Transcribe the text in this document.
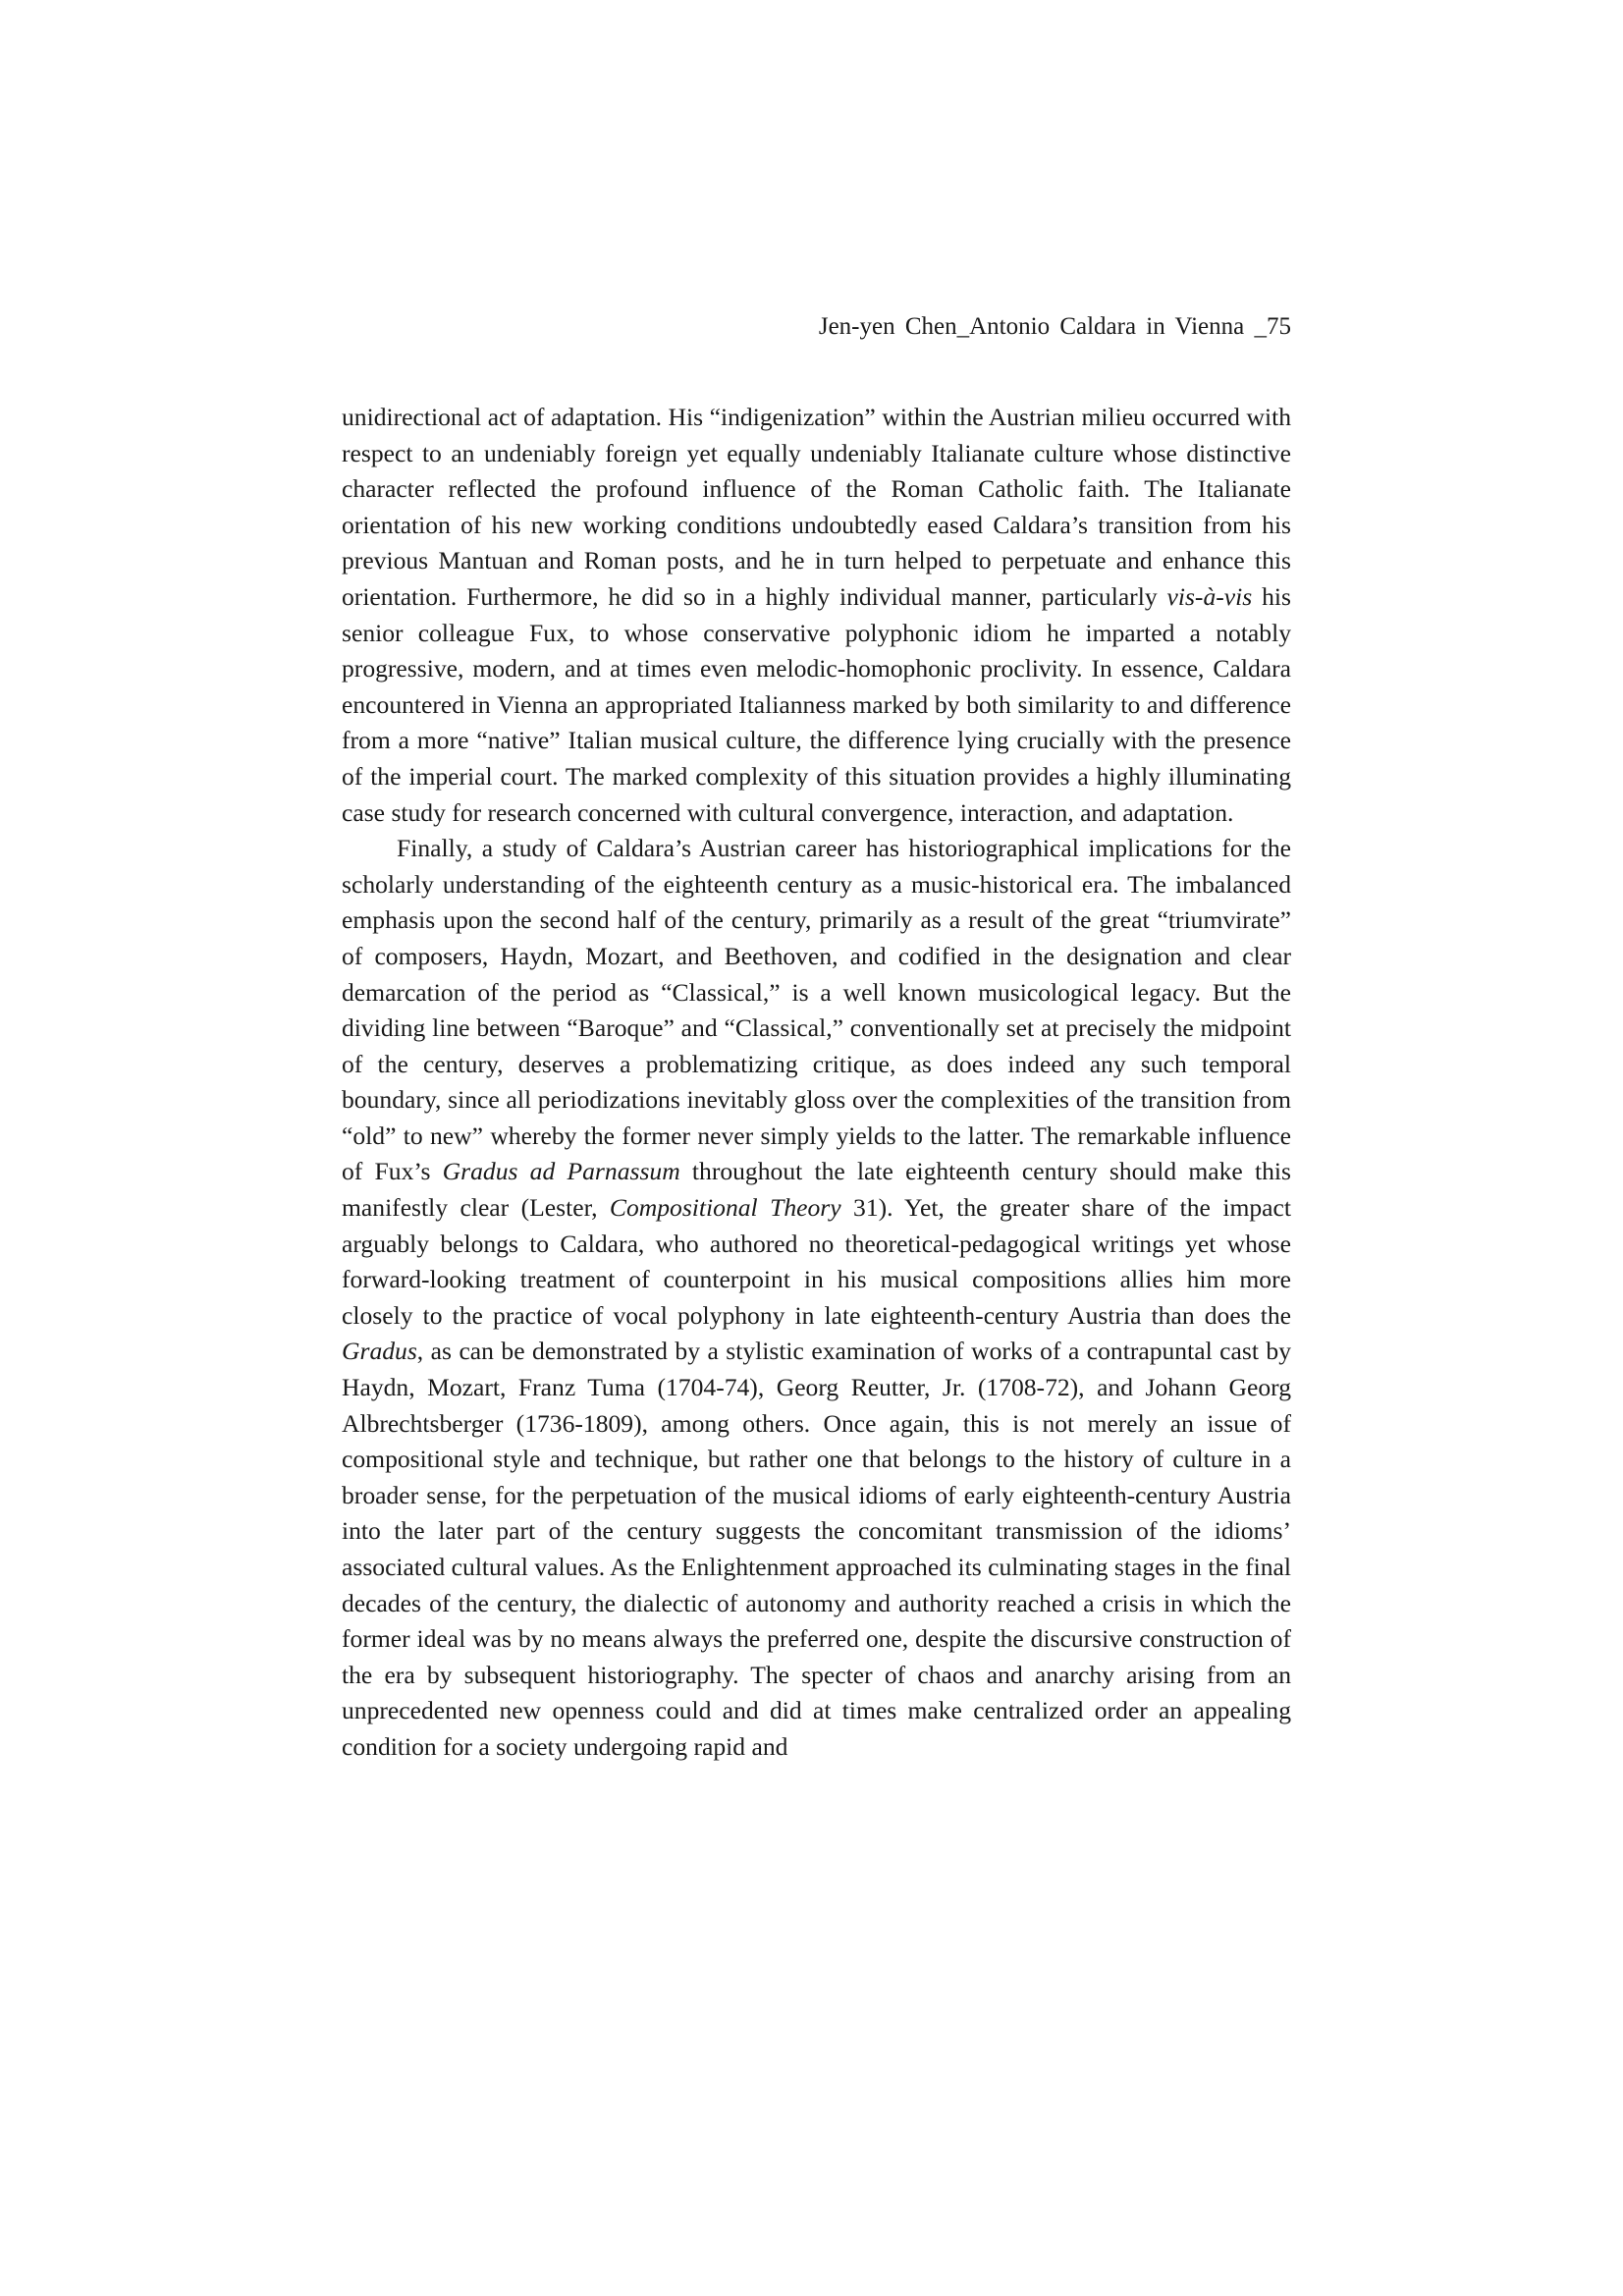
Jen-yen Chen_Antonio Caldara in Vienna _75

unidirectional act of adaptation. His “indigenization” within the Austrian milieu occurred with respect to an undeniably foreign yet equally undeniably Italianate culture whose distinctive character reflected the profound influence of the Roman Catholic faith. The Italianate orientation of his new working conditions undoubtedly eased Caldara’s transition from his previous Mantuan and Roman posts, and he in turn helped to perpetuate and enhance this orientation. Furthermore, he did so in a highly individual manner, particularly vis-à-vis his senior colleague Fux, to whose conservative polyphonic idiom he imparted a notably progressive, modern, and at times even melodic-homophonic proclivity. In essence, Caldara encountered in Vienna an appropriated Italianness marked by both similarity to and difference from a more “native” Italian musical culture, the difference lying crucially with the presence of the imperial court. The marked complexity of this situation provides a highly illuminating case study for research concerned with cultural convergence, interaction, and adaptation.

Finally, a study of Caldara’s Austrian career has historiographical implications for the scholarly understanding of the eighteenth century as a music-historical era. The imbalanced emphasis upon the second half of the century, primarily as a result of the great “triumvirate” of composers, Haydn, Mozart, and Beethoven, and codified in the designation and clear demarcation of the period as “Classical,” is a well known musicological legacy. But the dividing line between “Baroque” and “Classical,” conventionally set at precisely the midpoint of the century, deserves a problematizing critique, as does indeed any such temporal boundary, since all periodizations inevitably gloss over the complexities of the transition from “old” to new” whereby the former never simply yields to the latter. The remarkable influence of Fux’s Gradus ad Parnassum throughout the late eighteenth century should make this manifestly clear (Lester, Compositional Theory 31). Yet, the greater share of the impact arguably belongs to Caldara, who authored no theoretical-pedagogical writings yet whose forward-looking treatment of counterpoint in his musical compositions allies him more closely to the practice of vocal polyphony in late eighteenth-century Austria than does the Gradus, as can be demonstrated by a stylistic examination of works of a contrapuntal cast by Haydn, Mozart, Franz Tuma (1704-74), Georg Reutter, Jr. (1708-72), and Johann Georg Albrechtsberger (1736-1809), among others. Once again, this is not merely an issue of compositional style and technique, but rather one that belongs to the history of culture in a broader sense, for the perpetuation of the musical idioms of early eighteenth-century Austria into the later part of the century suggests the concomitant transmission of the idioms’ associated cultural values. As the Enlightenment approached its culminating stages in the final decades of the century, the dialectic of autonomy and authority reached a crisis in which the former ideal was by no means always the preferred one, despite the discursive construction of the era by subsequent historiography. The specter of chaos and anarchy arising from an unprecedented new openness could and did at times make centralized order an appealing condition for a society undergoing rapid and
